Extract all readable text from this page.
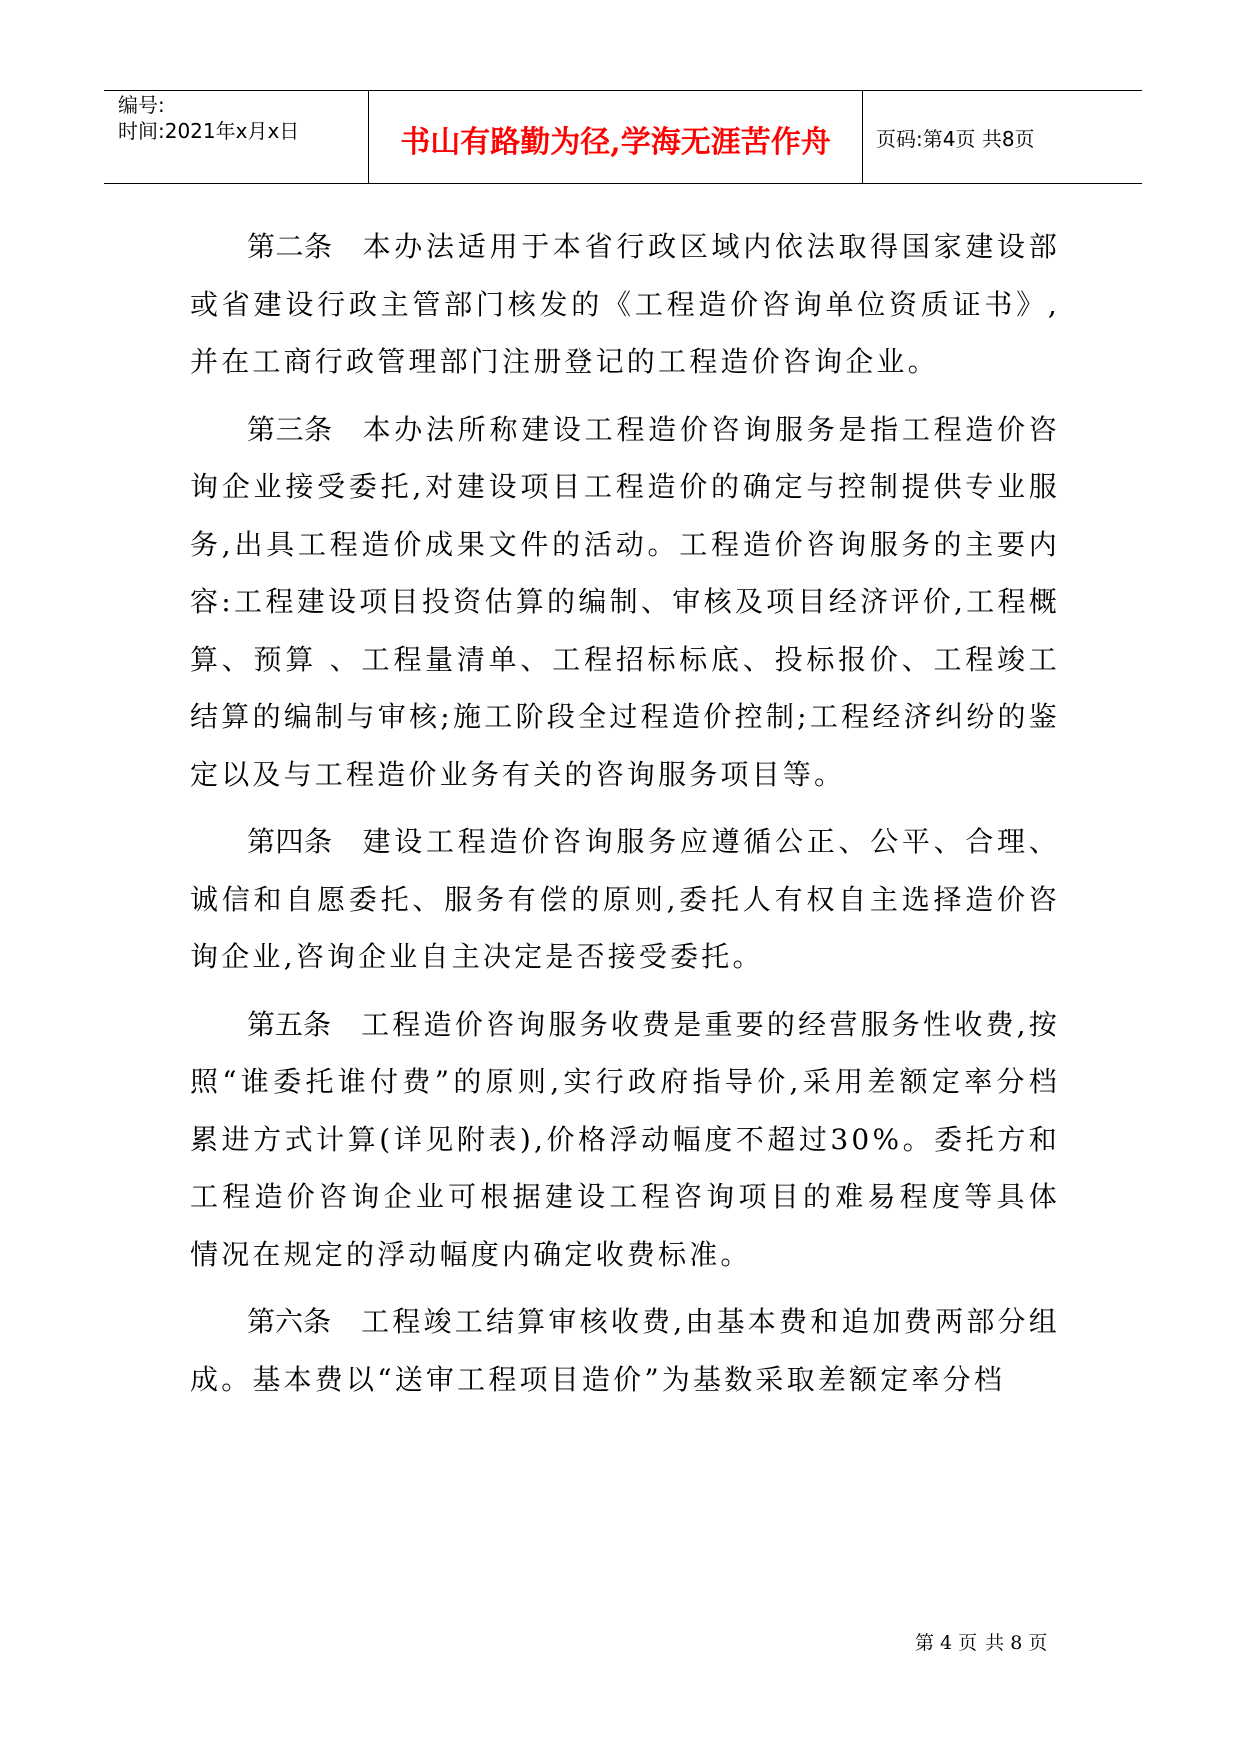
编号:
时间:2021年x月x日	书山有路勤为径,学海无涯苦作舟	页码:第4页 共8页

第二条 本办法适用于本省行政区域内依法取得国家建设部或省建设行政主管部门核发的《工程造价咨询单位资质证书》,并在工商行政管理部门注册登记的工程造价咨询企业。

第三条 本办法所称建设工程造价咨询服务是指工程造价咨询企业接受委托,对建设项目工程造价的确定与控制提供专业服务,出具工程造价成果文件的活动。工程造价咨询服务的主要内容:工程建设项目投资估算的编制、审核及项目经济评价,工程概算、预算 、工程量清单、工程招标标底、投标报价、工程竣工结算的编制与审核;施工阶段全过程造价控制;工程经济纠纷的鉴定以及与工程造价业务有关的咨询服务项目等。

第四条 建设工程造价咨询服务应遵循公正、公平、合理、诚信和自愿委托、服务有偿的原则,委托人有权自主选择造价咨询企业,咨询企业自主决定是否接受委托。

第五条 工程造价咨询服务收费是重要的经营服务性收费,按照“谁委托谁付费”的原则,实行政府指导价,采用差额定率分档累进方式计算(详见附表),价格浮动幅度不超过30%。委托方和工程造价咨询企业可根据建设工程咨询项目的难易程度等具体情况在规定的浮动幅度内确定收费标准。

第六条 工程竣工结算审核收费,由基本费和追加费两部分组成。基本费以“送审工程项目造价”为基数采取差额定率分档

第 4 页 共 8 页
